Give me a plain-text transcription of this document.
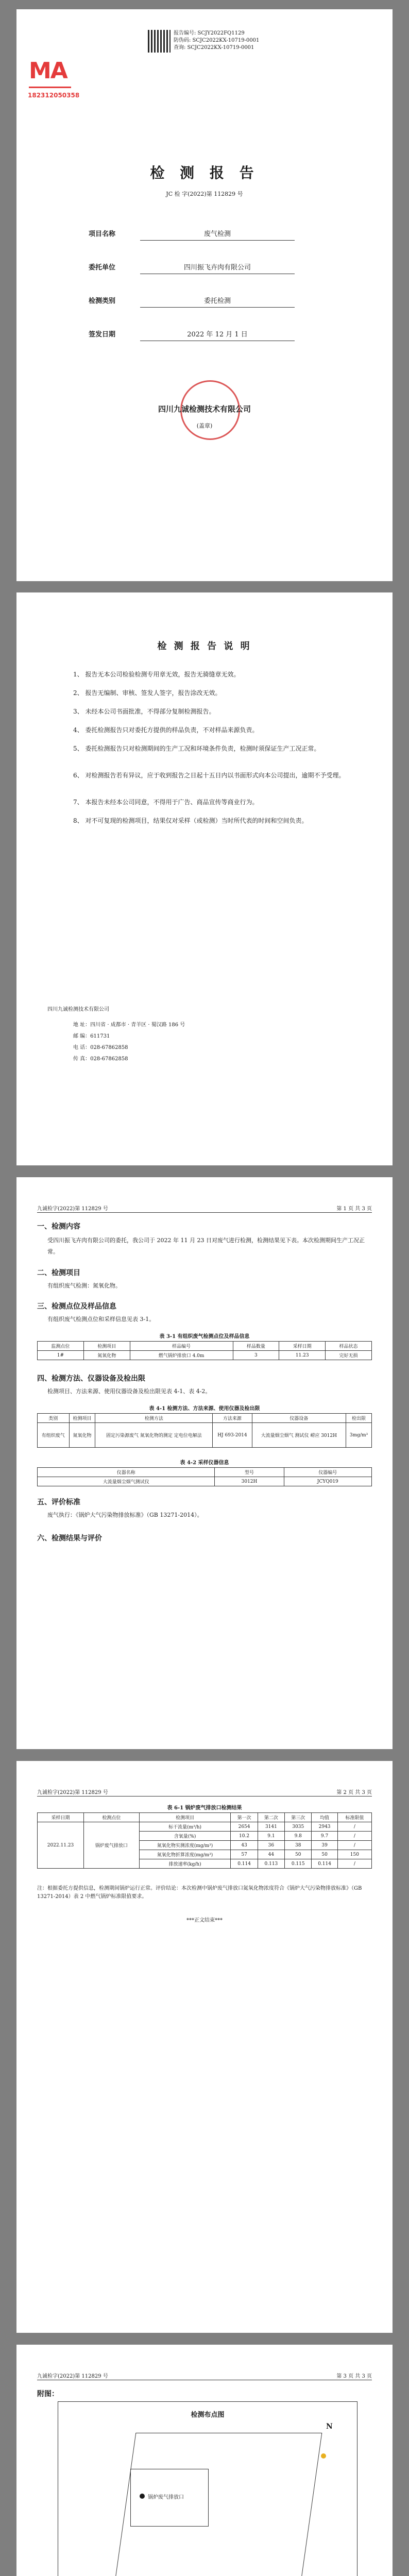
报告编号: SCJY2022FQ1129
防伪码: SCJC2022KX-10719-0001
查询: SCJC2022KX-10719-0001
MA
182312050358
检 测 报 告
JC 检 字(2022)第 112829 号
项目名称	废气检测
委托单位	四川振飞卉肉有限公司
检测类别	委托检测
签发日期	2022 年 12 月 1 日
四川九诚检测技术有限公司
(盖章)
检 测 报 告 说 明
1、 报告无本公司检验检测专用章无效，报告无骑缝章无效。
2、 报告无编制、审核、签发人签字，报告涂改无效。
3、 未经本公司书面批准，不得部分复制检测报告。
4、 委托检测报告只对委托方提供的样品负责，不对样品来源负责。
5、 委托检测报告只对检测期间的生产工况和环境条件负责，检测时须保证生产工况正常。
6、 对检测报告若有异议，应于收到报告之日起十五日内以书面形式向本公司提出，逾期不予受理。
7、 本报告未经本公司同意，不得用于广告、商品宣传等商业行为。
8、 对不可复现的检测项目，结果仅对采样（或检测）当时所代表的时间和空间负责。
四川九诚检测技术有限公司
地 址：四川省 · 成都市 · 青羊区 · 蜀汉路 186 号
邮 编：611731
电 话：028-67862858
传 真：028-67862858
九诚检字(2022)第 112829 号	第 1 页 共 3 页
一、检测内容
受四川振飞卉肉有限公司的委托，我公司于 2022 年 11 月 23 日对废气进行检测，检测结果见下表。本次检测期间生产工况正常。
二、检测项目
有组织废气检测：氮氧化物。
三、检测点位及样品信息
有组织废气检测点位和采样信息见表 3-1。
表 3-1 有组织废气检测点位及样品信息
监测点位	检测项目	样品编号	样品数量	采样日期	样品状态
1#	氮氧化物	燃气锅炉排放口 4.0m	3	11.23	完好无损
四、检测方法、仪器设备及检出限
检测项目、方法来源、使用仪器设备及检出限见表 4-1、表 4-2。
表 4-1 检测方法、方法来源、使用仪器及检出限
类别	检测项目	检测方法	方法来源	仪器设备	检出限
有组织废气	氮氧化物	固定污染源废气 氮氧化物的测定 定电位电解法	HJ 693-2014	大流量烟尘烟气 测试仪 崂应 3012H	3mg/m³
表 4-2 采样仪器信息
仪器名称	型号	仪器编号
大流量烟尘烟气测试仪	3012H	JCYQ019
五、评价标准
废气执行：《锅炉大气污染物排放标准》（GB 13271-2014）。
六、检测结果与评价
九诚检字(2022)第 112829 号	第 2 页 共 3 页
表 6-1 锅炉废气排放口检测结果
采样日期	检测点位	检测项目	第一次	第二次	第三次	均值	标准限值
2022.11.23	锅炉废气排放口	标干流量(m³/h)	2654	3141	3035	2943	/
		含氧量(%)	10.2	9.1	9.8	9.7	/
		氮氧化物实测浓度(mg/m³)	43	36	38	39	/
		氮氧化物折算浓度(mg/m³)	57	44	50	50	150
		排放速率(kg/h)	0.114	0.113	0.115	0.114	/
注：根据委托方提供信息，检测期间锅炉运行正常。评价结论：本次检测中锅炉废气排放口氮氧化物浓度符合《锅炉大气污染物排放标准》（GB 13271-2014）表 2 中燃气锅炉标准限值要求。
***正文结束***
九诚检字(2022)第 112829 号	第 3 页 共 3 页
附图：
检测布点图
锅炉废气排放口
N
